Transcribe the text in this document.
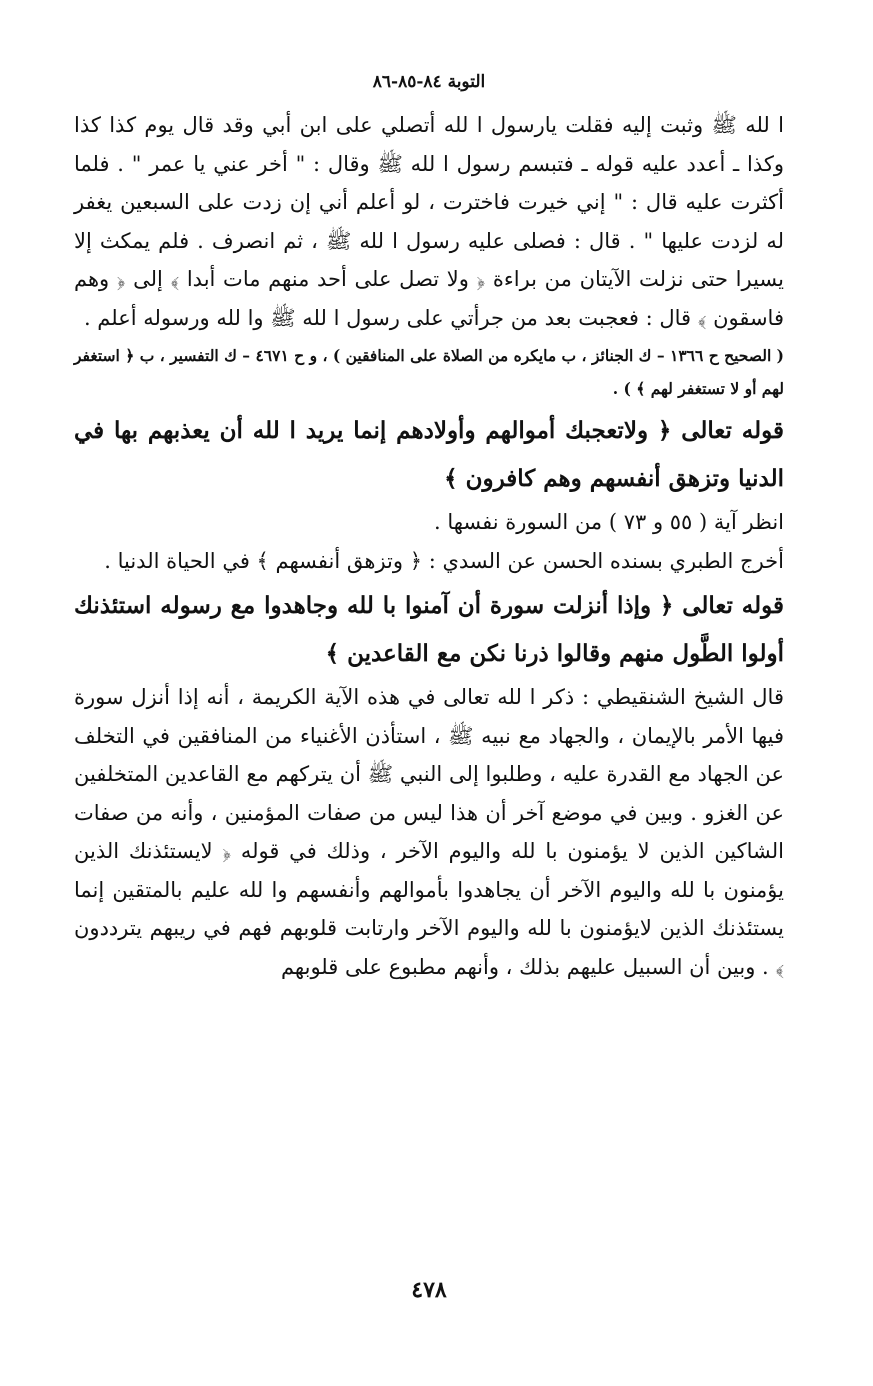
التوبة ٨٤-٨٥-٨٦

ا لله ﷺ وثبت إليه فقلت يارسول ا لله أتصلي على ابن أبي وقد قال يوم كذا كذا وكذا ـ أعدد عليه قوله ـ فتبسم رسول ا لله ﷺ وقال : " أخر عني يا عمر " . فلما أكثرت عليه قال : " إني خيرت فاخترت ، لو أعلم أني إن زدت على السبعين يغفر له لزدت عليها " . قال : فصلى عليه رسول ا لله ﷺ ، ثم انصرف . فلم يمكث إلا يسيرا حتى نزلت الآيتان من براءة ﴿ ولا تصل على أحد منهم مات أبدا ﴾ إلى ﴿ وهم فاسقون ﴾ قال : فعجبت بعد من جرأتي على رسول ا لله ﷺ وا لله ورسوله أعلم .

( الصحيح ح ١٣٦٦ – ك الجنائز ، ب مايكره من الصلاة على المنافقين ) ، و ح ٤٦٧١ – ك التفسير ، ب ﴿ استغفر لهم أو لا تستغفر لهم ﴾ ) .

قوله تعالى ﴿ ولاتعجبك أموالهم وأولادهم إنما يريد ا لله أن يعذبهم بها في الدنيا وتزهق أنفسهم وهم كافرون ﴾

انظر آية ( ٥٥ و ٧٣ ) من السورة نفسها .

أخرج الطبري بسنده الحسن عن السدي : ﴿ وتزهق أنفسهم ﴾ في الحياة الدنيا .

قوله تعالى ﴿ وإذا أنزلت سورة أن آمنوا با لله وجاهدوا مع رسوله استئذنك أولوا الطَّول منهم وقالوا ذرنا نكن مع القاعدين ﴾

قال الشيخ الشنقيطي : ذكر ا لله تعالى في هذه الآية الكريمة ، أنه إذا أنزل سورة فيها الأمر بالإيمان ، والجهاد مع نبيه ﷺ ، استأذن الأغنياء من المنافقين في التخلف عن الجهاد مع القدرة عليه ، وطلبوا إلى النبي ﷺ أن يتركهم مع القاعدين المتخلفين عن الغزو . وبين في موضع آخر أن هذا ليس من صفات المؤمنين ، وأنه من صفات الشاكين الذين لا يؤمنون با لله واليوم الآخر ، وذلك في قوله ﴿ لايستئذنك الذين يؤمنون با لله واليوم الآخر أن يجاهدوا بأموالهم وأنفسهم وا لله عليم بالمتقين إنما يستئذنك الذين لايؤمنون با لله واليوم الآخر وارتابت قلوبهم فهم في ريبهم يترددون ﴾ . وبين أن السبيل عليهم بذلك ، وأنهم مطبوع على قلوبهم

٤٧٨
